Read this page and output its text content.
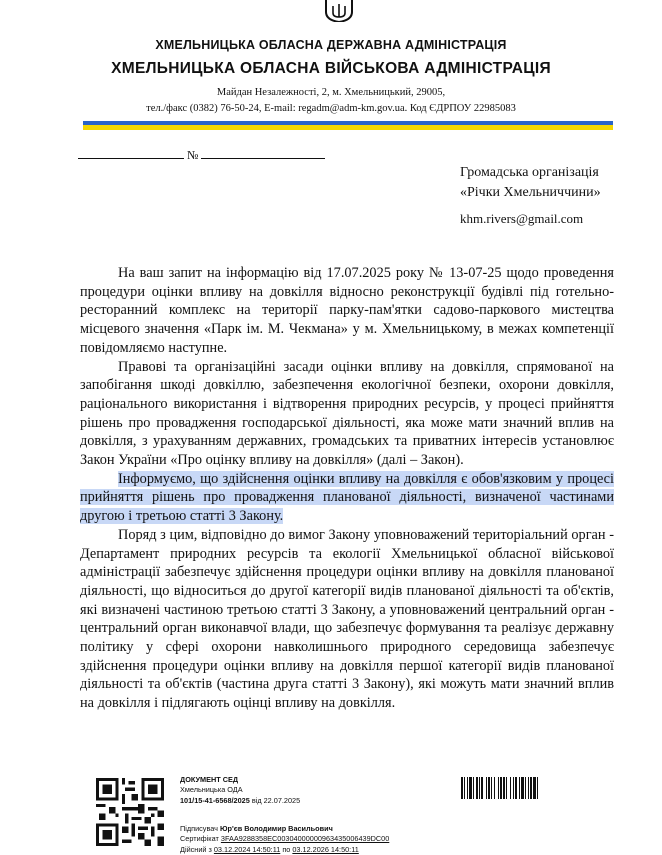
ХМЕЛЬНИЦЬКА ОБЛАСНА ДЕРЖАВНА АДМІНІСТРАЦІЯ
ХМЕЛЬНИЦЬКА ОБЛАСНА ВІЙСЬКОВА АДМІНІСТРАЦІЯ
Майдан Незалежності, 2, м. Хмельницький, 29005,
тел./факс (0382) 76-50-24, E-mail: regadm@adm-km.gov.ua. Код ЄДРПОУ 22985083
№
Громадська організація
«Річки Хмельниччини»
khm.rivers@gmail.com

На ваш запит на інформацію від 17.07.2025 року № 13-07-25 щодо проведення процедури оцінки впливу на довкілля відносно реконструкції будівлі під готельно-ресторанний комплекс на території парку-пам'ятки садово-паркового мистецтва місцевого значення «Парк ім. М. Чекмана» у м. Хмельницькому, в межах компетенції повідомляємо наступне.

Правові та організаційні засади оцінки впливу на довкілля, спрямованої на запобігання шкоді довкіллю, забезпечення екологічної безпеки, охорони довкілля, раціонального використання і відтворення природних ресурсів, у процесі прийняття рішень про провадження господарської діяльності, яка може мати значний вплив на довкілля, з урахуванням державних, громадських та приватних інтересів установлює Закон України «Про оцінку впливу на довкілля» (далі – Закон).

Інформуємо, що здійснення оцінки впливу на довкілля є обов'язковим у процесі прийняття рішень про провадження планованої діяльності, визначеної частинами другою і третьою статті 3 Закону.

Поряд з цим, відповідно до вимог Закону уповноважений територіальний орган - Департамент природних ресурсів та екології Хмельницької обласної військової адміністрації забезпечує здійснення процедури оцінки впливу на довкілля планованої діяльності, що відноситься до другої категорії видів планованої діяльності та об'єктів, які визначені частиною третьою статті 3 Закону, а уповноважений центральний орган - центральний орган виконавчої влади, що забезпечує формування та реалізує державну політику у сфері охорони навколишнього природного середовища забезпечує здійснення процедури оцінки впливу на довкілля першої категорії видів планованої діяльності та об'єктів (частина друга статті 3 Закону), які можуть мати значний вплив на довкілля і підлягають оцінці впливу на довкілля.

ДОКУМЕНТ СЕД
Хмельницька ОДА
101/15-41-6568/2025 від 22.07.2025
Підписувач Юр'єв Володимир Васильович
Сертифікат 3FAA9288358EC0030400000096343500​6439DC00
Дійсний з 03.12.2024 14:50:11 по 03.12.2026 14:50:11
